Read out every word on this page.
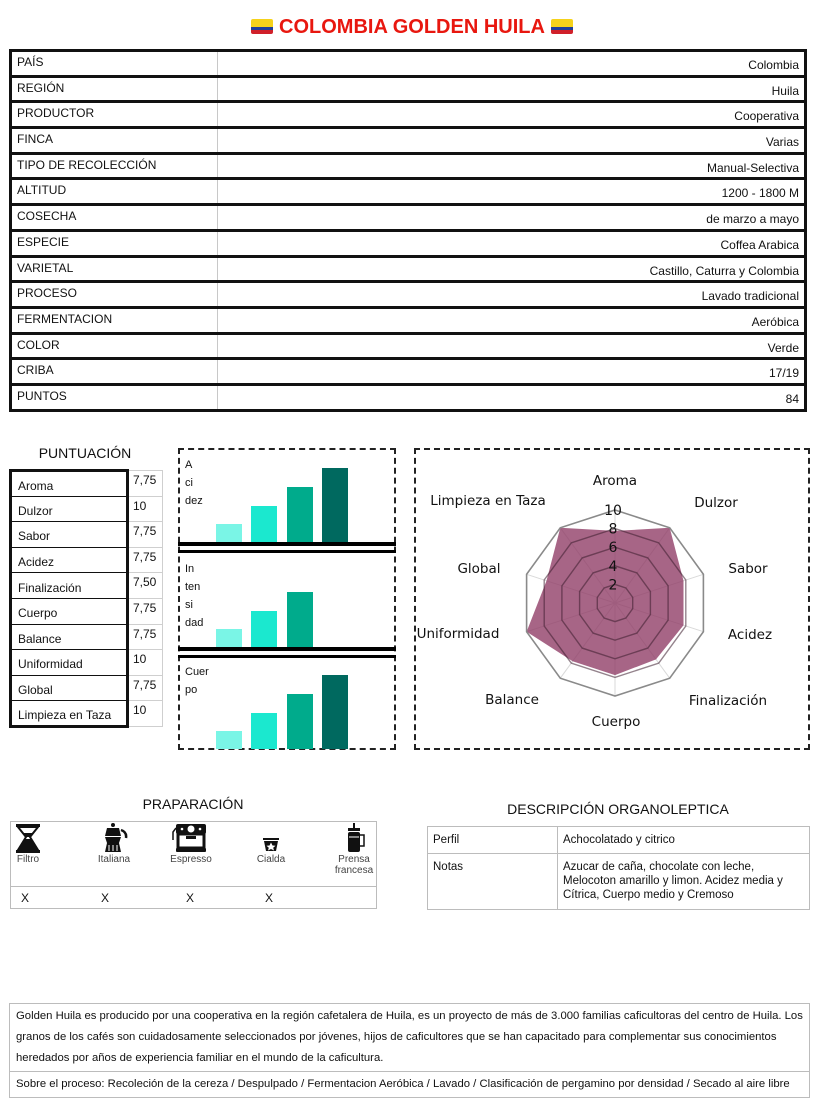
COLOMBIA GOLDEN HUILA
PAÍS	Colombia
REGIÓN	Huila
PRODUCTOR	Cooperativa
FINCA	Varias
TIPO DE RECOLECCIÓN	Manual-Selectiva
ALTITUD	1200 - 1800 M
COSECHA	de marzo a mayo
ESPECIE	Coffea Arabica
VARIETAL	Castillo, Caturra y Colombia
PROCESO	Lavado tradicional
FERMENTACION	Aeróbica
COLOR	Verde
CRIBA	17/19
PUNTOS	84
PUNTUACIÓN
Aroma	7,75
Dulzor	10
Sabor	7,75
Acidez	7,75
Finalización	7,50
Cuerpo	7,75
Balance	7,75
Uniformidad	10
Global	7,75
Limpieza en Taza	10
A
ci
dez
In
ten
si
dad
Cuer
po
2
4
6
8
10
Aroma
Dulzor
Sabor
Acidez
Finalización
Cuerpo
Balance
Uniformidad
Global
Limpieza en Taza
PRAPARACIÓN
Filtro	Italiana	Espresso	Cialda	Prensa francesa
X	X	X	X
DESCRIPCIÓN ORGANOLEPTICA
Perfil	Achocolatado y citrico
Notas	Azucar de caña, chocolate con leche, Melocoton amarillo y limon. Acidez media y Cítrica, Cuerpo medio y Cremoso

Golden Huila es producido por una cooperativa en la región cafetalera de Huila, es un proyecto de más de 3.000 familias caficultoras del centro de Huila. Los granos de los cafés son cuidadosamente seleccionados por jóvenes, hijos de caficultores que se han capacitado para complementar sus conocimientos heredados por años de experiencia familiar en el mundo de la caficultura.

Sobre el proceso: Recoleción de la cereza / Despulpado / Fermentacion Aeróbica / Lavado / Clasificación de pergamino por densidad / Secado al aire libre
